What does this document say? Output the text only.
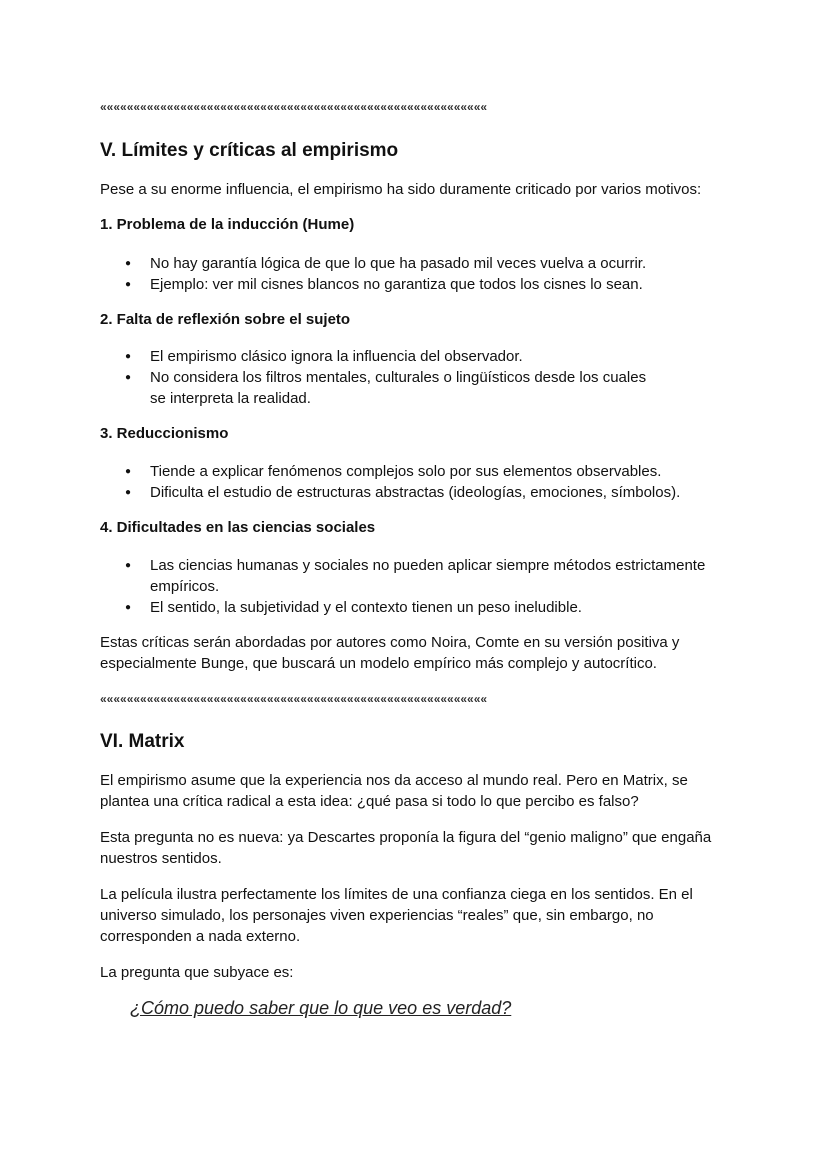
««««««««««««««««««««««««««««««««««««««««««««««««««««««««««
V. Límites y críticas al empirismo

Pese a su enorme influencia, el empirismo ha sido duramente criticado por varios motivos:

1. Problema de la inducción (Hume)

● No hay garantía lógica de que lo que ha pasado mil veces vuelva a ocurrir.
● Ejemplo: ver mil cisnes blancos no garantiza que todos los cisnes lo sean.

2. Falta de reflexión sobre el sujeto

● El empirismo clásico ignora la influencia del observador.
● No considera los filtros mentales, culturales o lingüísticos desde los cuales se interpreta la realidad.

3. Reduccionismo

● Tiende a explicar fenómenos complejos solo por sus elementos observables.
● Dificulta el estudio de estructuras abstractas (ideologías, emociones, símbolos).

4. Dificultades en las ciencias sociales

● Las ciencias humanas y sociales no pueden aplicar siempre métodos estrictamente empíricos.
● El sentido, la subjetividad y el contexto tienen un peso ineludible.

Estas críticas serán abordadas por autores como Noira, Comte en su versión positiva y especialmente Bunge, que buscará un modelo empírico más complejo y autocrítico.

««««««««««««««««««««««««««««««««««««««««««««««««««««««««««
VI. Matrix

El empirismo asume que la experiencia nos da acceso al mundo real. Pero en Matrix, se plantea una crítica radical a esta idea: ¿qué pasa si todo lo que percibo es falso?

Esta pregunta no es nueva: ya Descartes proponía la figura del “genio maligno” que engaña nuestros sentidos.

La película ilustra perfectamente los límites de una confianza ciega en los sentidos. En el universo simulado, los personajes viven experiencias “reales” que, sin embargo, no corresponden a nada externo.

La pregunta que subyace es:

¿Cómo puedo saber que lo que veo es verdad?
